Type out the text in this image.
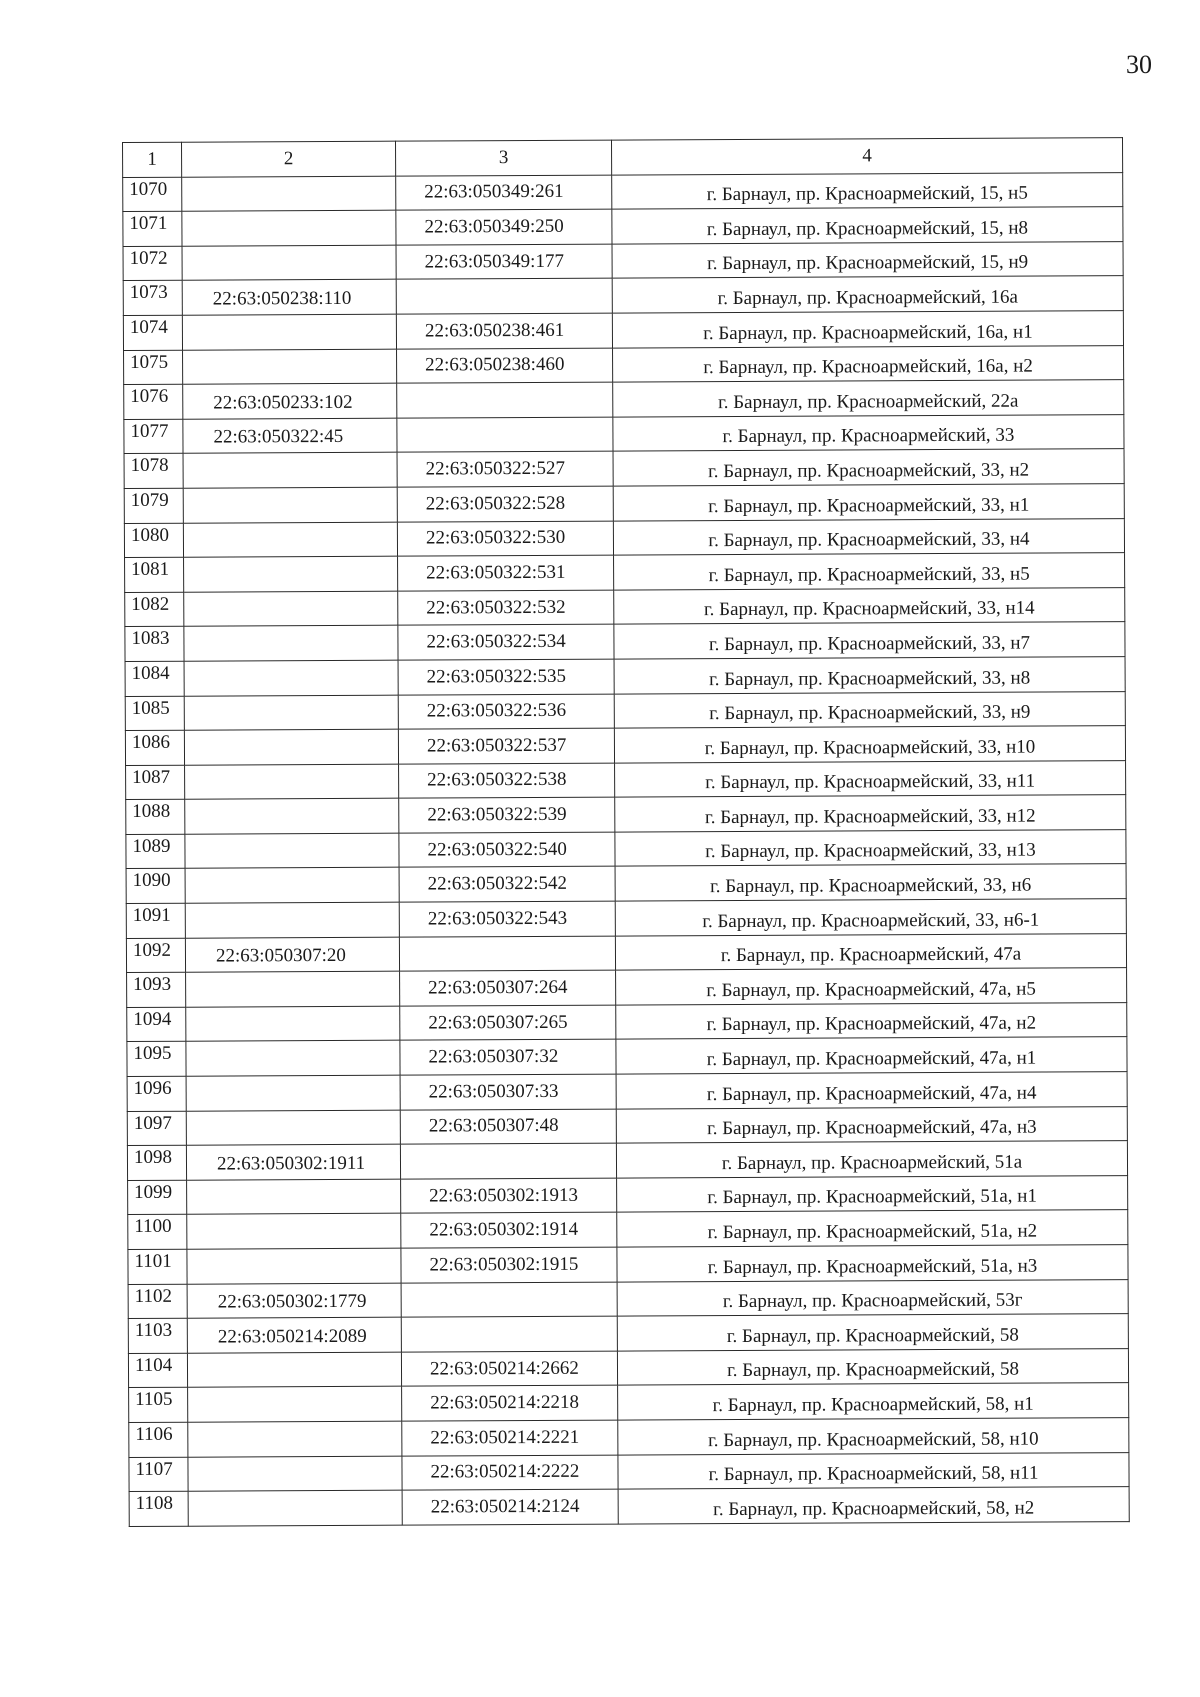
30
1	2	3	4
1070		22:63:050349:261	г. Барнаул, пр. Красноармейский, 15, н5
1071		22:63:050349:250	г. Барнаул, пр. Красноармейский, 15, н8
1072		22:63:050349:177	г. Барнаул, пр. Красноармейский, 15, н9
1073	22:63:050238:110		г. Барнаул, пр. Красноармейский, 16а
1074		22:63:050238:461	г. Барнаул, пр. Красноармейский, 16а, н1
1075		22:63:050238:460	г. Барнаул, пр. Красноармейский, 16а, н2
1076	22:63:050233:102		г. Барнаул, пр. Красноармейский, 22а
1077	22:63:050322:45		г. Барнаул, пр. Красноармейский, 33
1078		22:63:050322:527	г. Барнаул, пр. Красноармейский, 33, н2
1079		22:63:050322:528	г. Барнаул, пр. Красноармейский, 33, н1
1080		22:63:050322:530	г. Барнаул, пр. Красноармейский, 33, н4
1081		22:63:050322:531	г. Барнаул, пр. Красноармейский, 33, н5
1082		22:63:050322:532	г. Барнаул, пр. Красноармейский, 33, н14
1083		22:63:050322:534	г. Барнаул, пр. Красноармейский, 33, н7
1084		22:63:050322:535	г. Барнаул, пр. Красноармейский, 33, н8
1085		22:63:050322:536	г. Барнаул, пр. Красноармейский, 33, н9
1086		22:63:050322:537	г. Барнаул, пр. Красноармейский, 33, н10
1087		22:63:050322:538	г. Барнаул, пр. Красноармейский, 33, н11
1088		22:63:050322:539	г. Барнаул, пр. Красноармейский, 33, н12
1089		22:63:050322:540	г. Барнаул, пр. Красноармейский, 33, н13
1090		22:63:050322:542	г. Барнаул, пр. Красноармейский, 33, н6
1091		22:63:050322:543	г. Барнаул, пр. Красноармейский, 33, н6-1
1092	22:63:050307:20		г. Барнаул, пр. Красноармейский, 47а
1093		22:63:050307:264	г. Барнаул, пр. Красноармейский, 47а, н5
1094		22:63:050307:265	г. Барнаул, пр. Красноармейский, 47а, н2
1095		22:63:050307:32	г. Барнаул, пр. Красноармейский, 47а, н1
1096		22:63:050307:33	г. Барнаул, пр. Красноармейский, 47а, н4
1097		22:63:050307:48	г. Барнаул, пр. Красноармейский, 47а, н3
1098	22:63:050302:1911		г. Барнаул, пр. Красноармейский, 51а
1099		22:63:050302:1913	г. Барнаул, пр. Красноармейский, 51а, н1
1100		22:63:050302:1914	г. Барнаул, пр. Красноармейский, 51а, н2
1101		22:63:050302:1915	г. Барнаул, пр. Красноармейский, 51а, н3
1102	22:63:050302:1779		г. Барнаул, пр. Красноармейский, 53г
1103	22:63:050214:2089		г. Барнаул, пр. Красноармейский, 58
1104		22:63:050214:2662	г. Барнаул, пр. Красноармейский, 58
1105		22:63:050214:2218	г. Барнаул, пр. Красноармейский, 58, н1
1106		22:63:050214:2221	г. Барнаул, пр. Красноармейский, 58, н10
1107		22:63:050214:2222	г. Барнаул, пр. Красноармейский, 58, н11
1108		22:63:050214:2124	г. Барнаул, пр. Красноармейский, 58, н2
